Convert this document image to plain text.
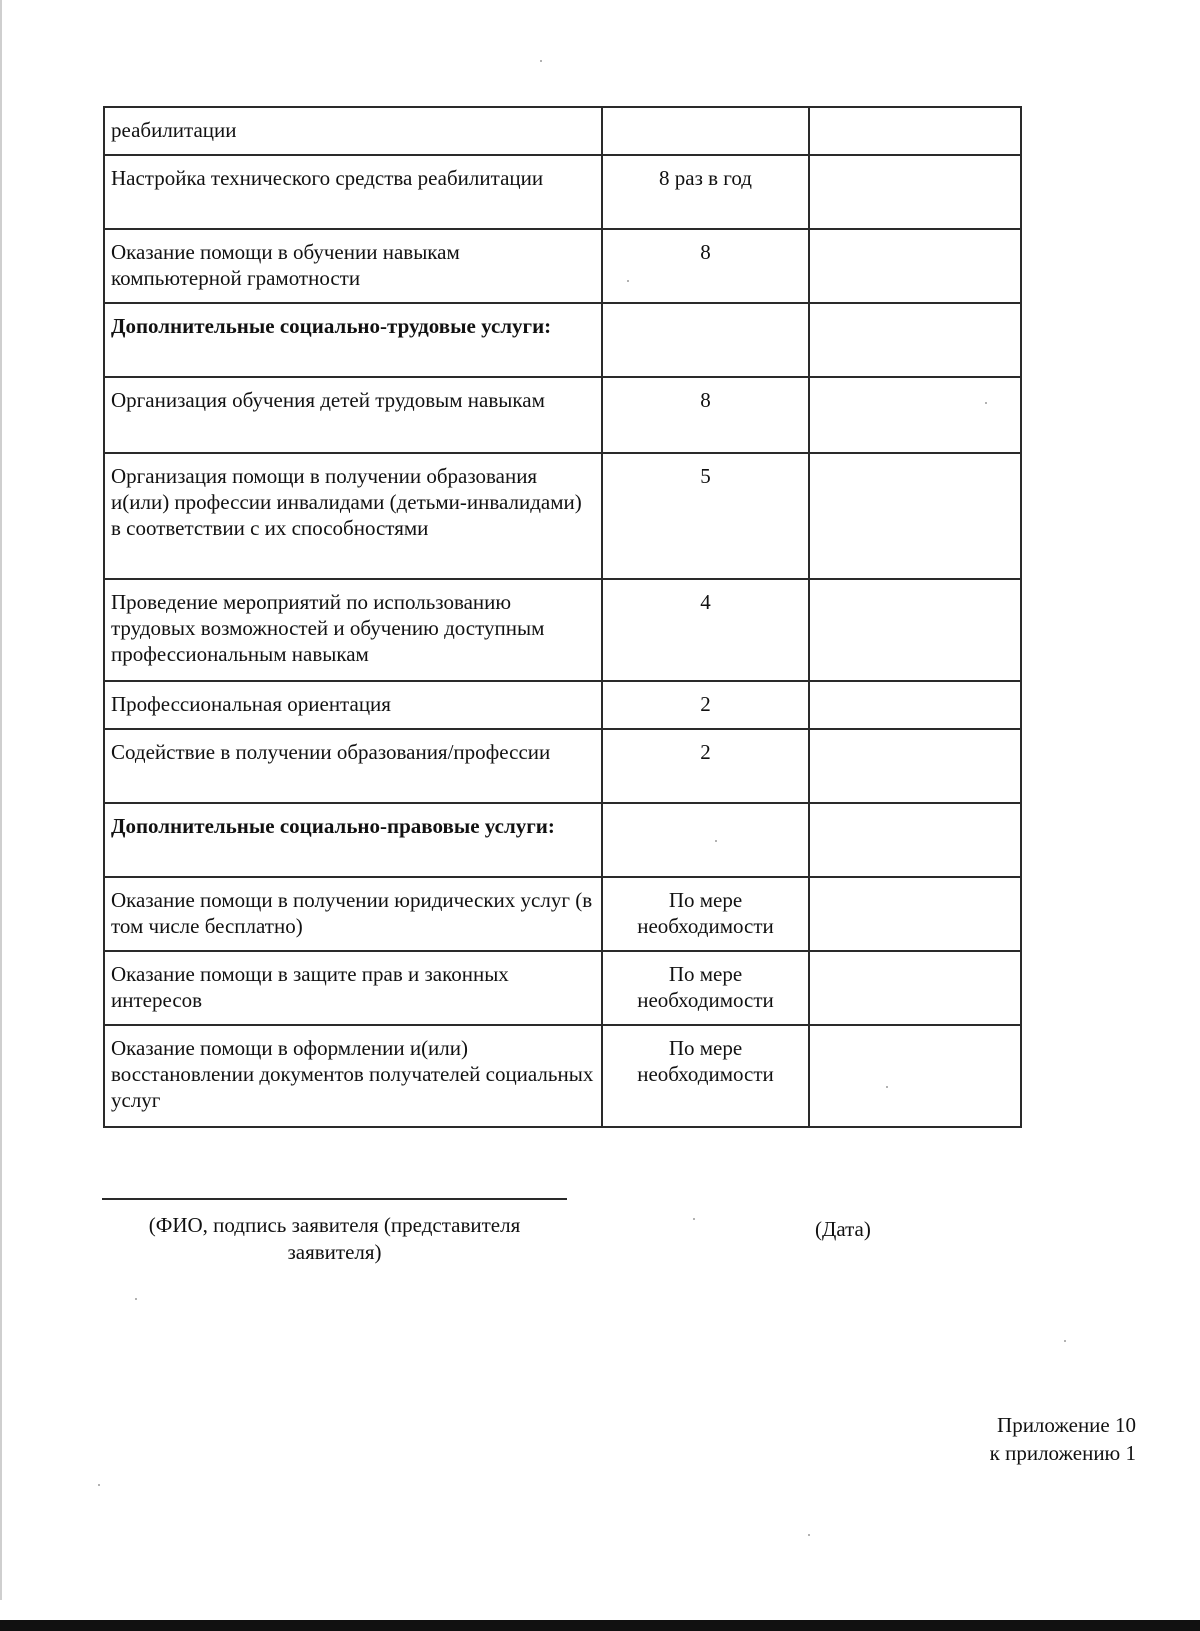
реабилитации		
Настройка технического средства реабилитации	8 раз в год	
Оказание помощи в обучении навыкам компьютерной грамотности	8	
Дополнительные социально-трудовые услуги:		
Организация обучения детей трудовым навыкам	8	
Организация помощи в получении образования и(или) профессии инвалидами (детьми-инвалидами) в соответствии с их способностями	5	
Проведение мероприятий по использованию трудовых возможностей и обучению доступным профессиональным навыкам	4	
Профессиональная ориентация	2	
Содействие в получении образования/профессии	2	
Дополнительные социально-правовые услуги:		
Оказание помощи в получении юридических услуг (в том числе бесплатно)	По мере необходимости	
Оказание помощи в защите прав и законных интересов	По мере необходимости	
Оказание помощи в оформлении и(или) восстановлении документов получателей социальных услуг	По мере необходимости	
(ФИО, подпись заявителя (представителя заявителя)
(Дата)
Приложение 10
к приложению 1
